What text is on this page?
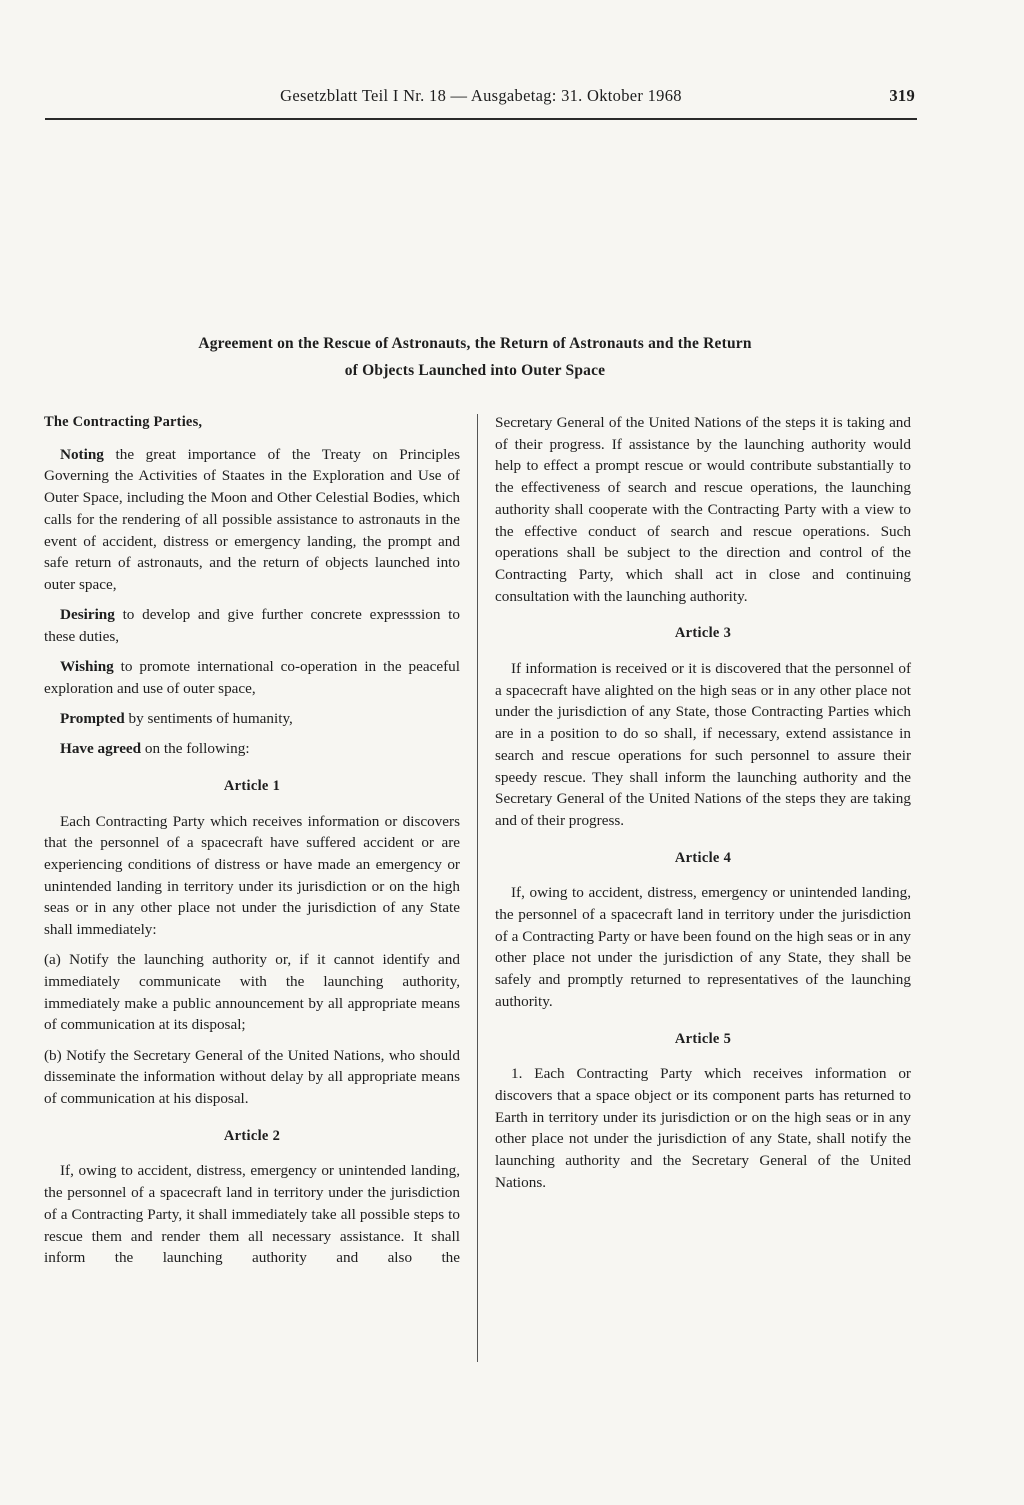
Gesetzblatt Teil I Nr. 18 — Ausgabetag: 31. Oktober 1968	319
Agreement on the Rescue of Astronauts, the Return of Astronauts and the Return
of Objects Launched into Outer Space
The Contracting Parties,

Noting the great importance of the Treaty on Principles Governing the Activities of Staates in the Exploration and Use of Outer Space, including the Moon and Other Celestial Bodies, which calls for the rendering of all possible assistance to astronauts in the event of accident, distress or emergency landing, the prompt and safe return of astronauts, and the return of objects launched into outer space,

Desiring to develop and give further concrete expresssion to these duties,

Wishing to promote international co-operation in the peaceful exploration and use of outer space,

Prompted by sentiments of humanity,

Have agreed on the following:

Article 1

Each Contracting Party which receives information or discovers that the personnel of a spacecraft have suffered accident or are experiencing conditions of distress or have made an emergency or unintended landing in territory under its jurisdiction or on the high seas or in any other place not under the jurisdiction of any State shall immediately:

(a) Notify the launching authority or, if it cannot identify and immediately communicate with the launching authority, immediately make a public announcement by all appropriate means of communication at its disposal;

(b) Notify the Secretary General of the United Nations, who should disseminate the information without delay by all appropriate means of communication at his disposal.

Article 2

If, owing to accident, distress, emergency or unintended landing, the personnel of a spacecraft land in territory under the jurisdiction of a Contracting Party, it shall immediately take all possible steps to rescue them and render them all necessary assistance. It shall inform the launching authority and also the

Secretary General of the United Nations of the steps it is taking and of their progress. If assistance by the launching authority would help to effect a prompt rescue or would contribute substantially to the effectiveness of search and rescue operations, the launching authority shall cooperate with the Contracting Party with a view to the effective conduct of search and rescue operations. Such operations shall be subject to the direction and control of the Contracting Party, which shall act in close and continuing consultation with the launching authority.

Article 3

If information is received or it is discovered that the personnel of a spacecraft have alighted on the high seas or in any other place not under the jurisdiction of any State, those Contracting Parties which are in a position to do so shall, if necessary, extend assistance in search and rescue operations for such personnel to assure their speedy rescue. They shall inform the launching authority and the Secretary General of the United Nations of the steps they are taking and of their progress.

Article 4

If, owing to accident, distress, emergency or unintended landing, the personnel of a spacecraft land in territory under the jurisdiction of a Contracting Party or have been found on the high seas or in any other place not under the jurisdiction of any State, they shall be safely and promptly returned to representatives of the launching authority.

Article 5

1. Each Contracting Party which receives information or discovers that a space object or its component parts has returned to Earth in territory under its jurisdiction or on the high seas or in any other place not under the jurisdiction of any State, shall notify the launching authority and the Secretary General of the United Nations.
